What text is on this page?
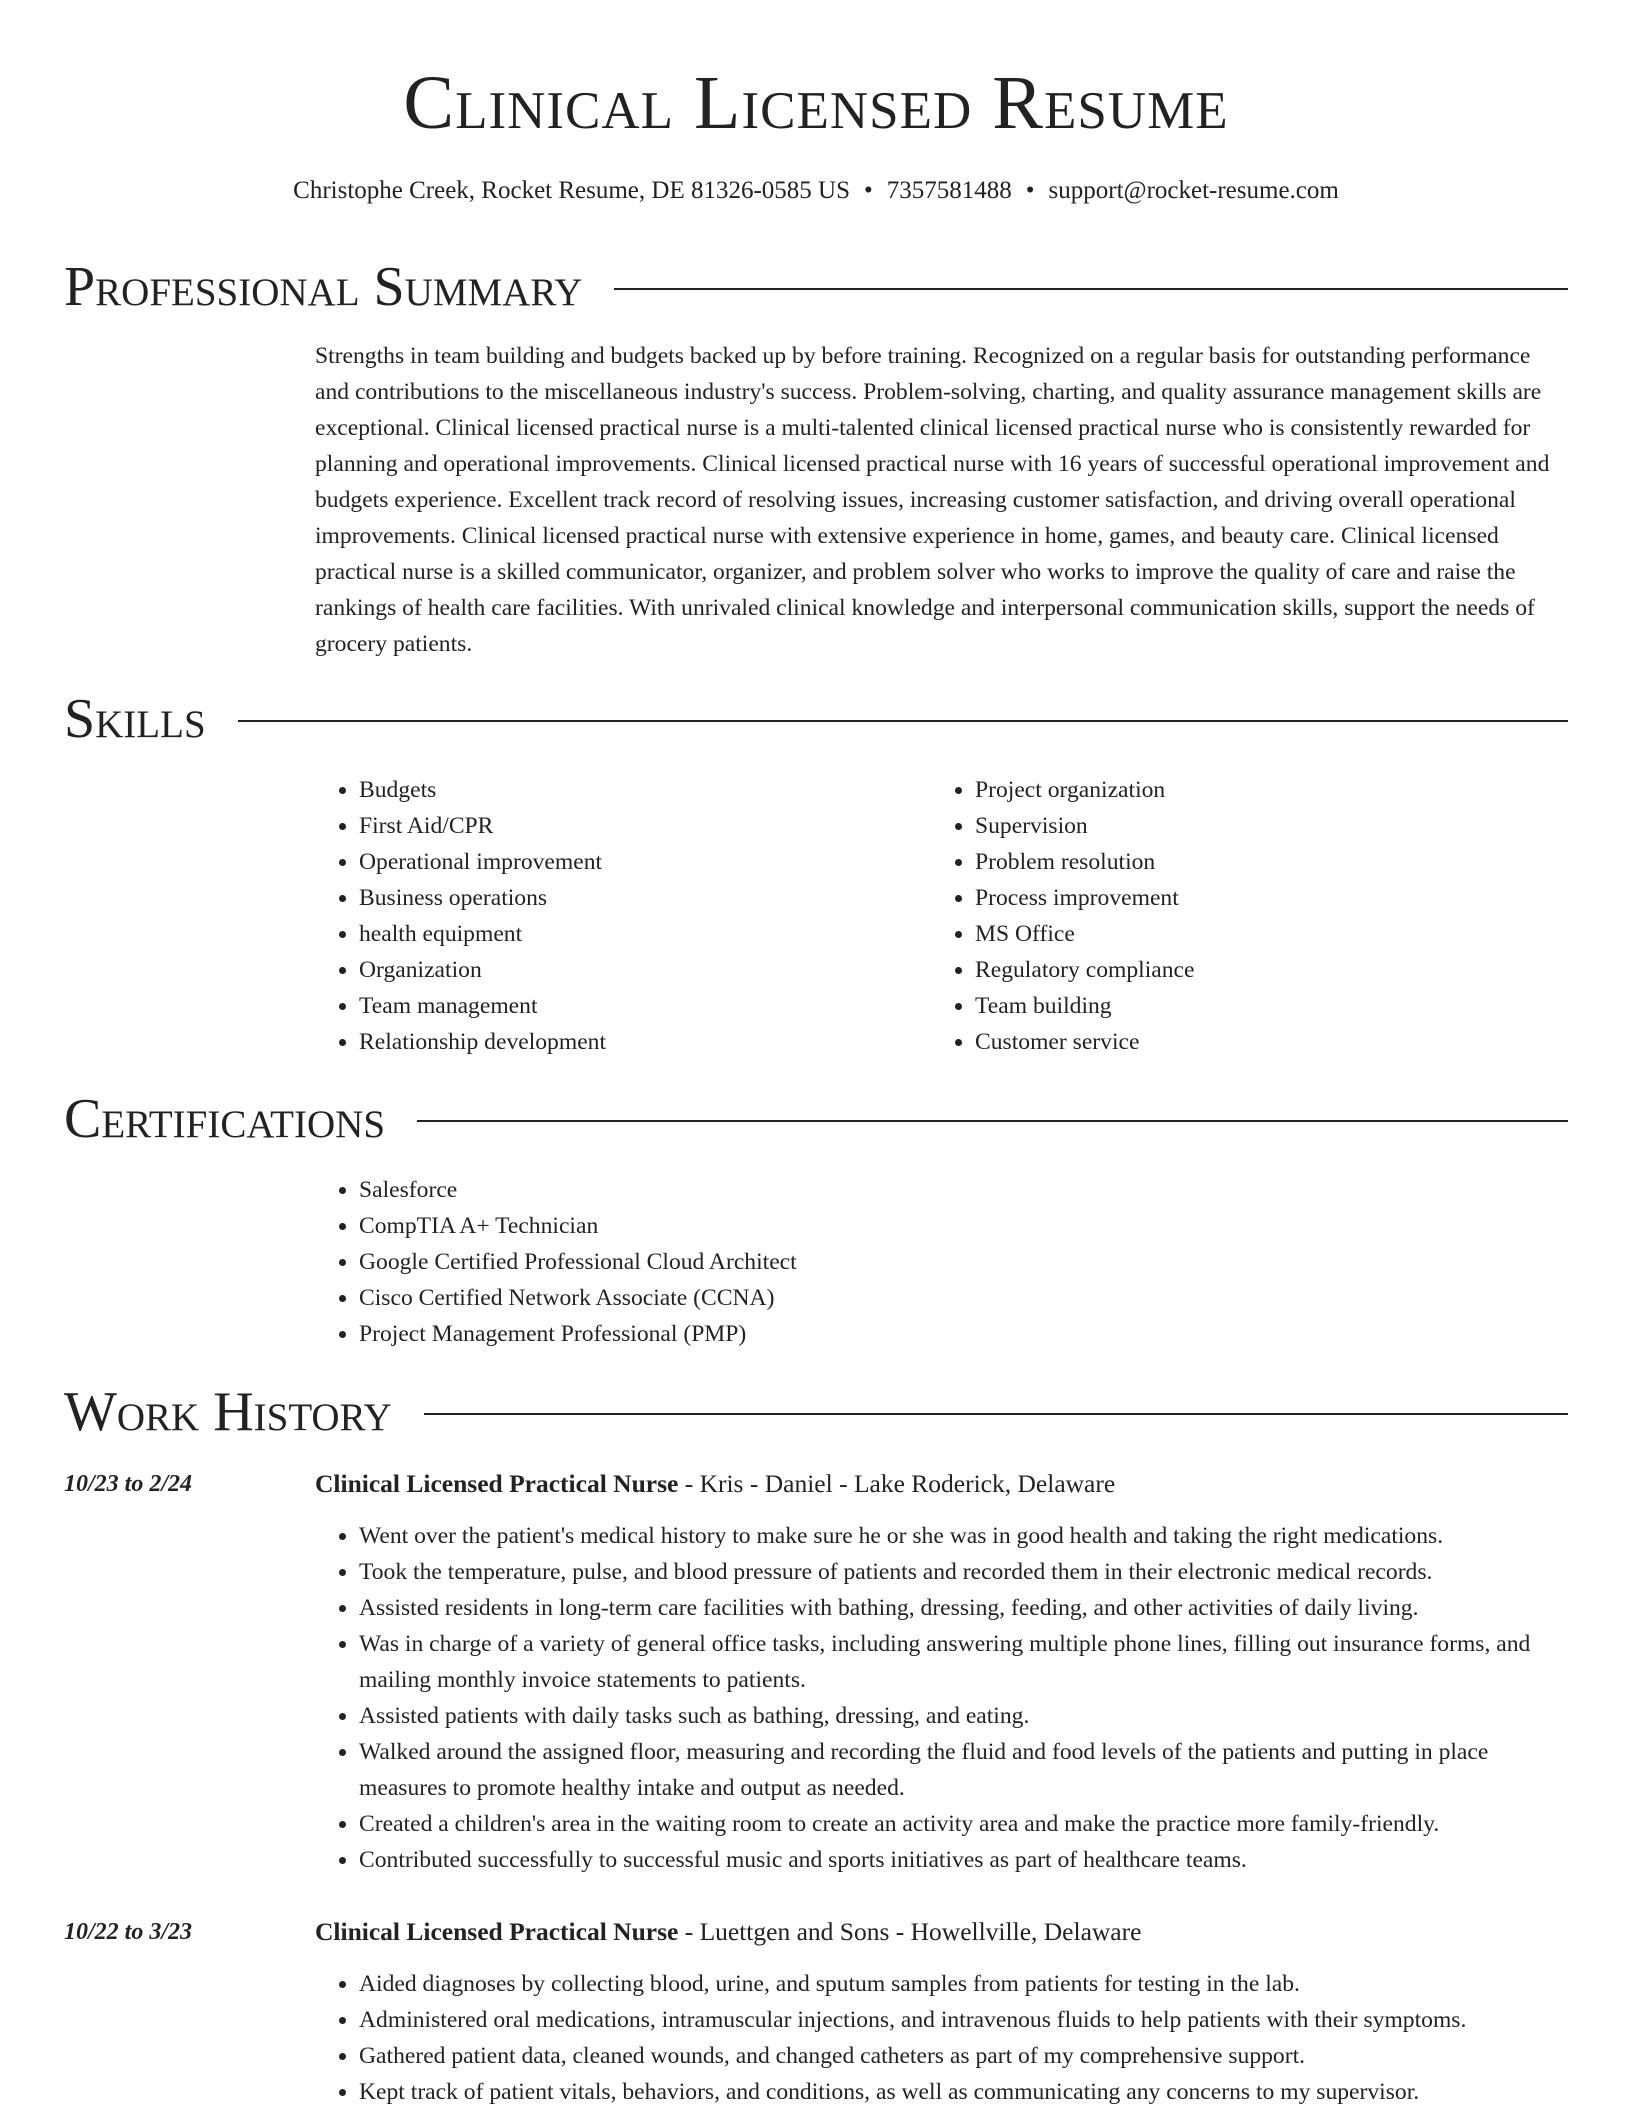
Clinical Licensed Resume
Christophe Creek, Rocket Resume, DE 81326-0585 US • 7357581488 • support@rocket-resume.com
Professional Summary

Strengths in team building and budgets backed up by before training. Recognized on a regular basis for outstanding performance and contributions to the miscellaneous industry's success. Problem-solving, charting, and quality assurance management skills are exceptional. Clinical licensed practical nurse is a multi-talented clinical licensed practical nurse who is consistently rewarded for planning and operational improvements. Clinical licensed practical nurse with 16 years of successful operational improvement and budgets experience. Excellent track record of resolving issues, increasing customer satisfaction, and driving overall operational improvements. Clinical licensed practical nurse with extensive experience in home, games, and beauty care. Clinical licensed practical nurse is a skilled communicator, organizer, and problem solver who works to improve the quality of care and raise the rankings of health care facilities. With unrivaled clinical knowledge and interpersonal communication skills, support the needs of grocery patients.

Skills
• Budgets
• First Aid/CPR
• Operational improvement
• Business operations
• health equipment
• Organization
• Team management
• Relationship development
• Project organization
• Supervision
• Problem resolution
• Process improvement
• MS Office
• Regulatory compliance
• Team building
• Customer service
Certifications
• Salesforce
• CompTIA A+ Technician
• Google Certified Professional Cloud Architect
• Cisco Certified Network Associate (CCNA)
• Project Management Professional (PMP)
Work History
10/23 to 2/24	Clinical Licensed Practical Nurse - Kris - Daniel - Lake Roderick, Delaware
• Went over the patient's medical history to make sure he or she was in good health and taking the right medications.
• Took the temperature, pulse, and blood pressure of patients and recorded them in their electronic medical records.
• Assisted residents in long-term care facilities with bathing, dressing, feeding, and other activities of daily living.
• Was in charge of a variety of general office tasks, including answering multiple phone lines, filling out insurance forms, and mailing monthly invoice statements to patients.
• Assisted patients with daily tasks such as bathing, dressing, and eating.
• Walked around the assigned floor, measuring and recording the fluid and food levels of the patients and putting in place measures to promote healthy intake and output as needed.
• Created a children's area in the waiting room to create an activity area and make the practice more family-friendly.
• Contributed successfully to successful music and sports initiatives as part of healthcare teams.
10/22 to 3/23	Clinical Licensed Practical Nurse - Luettgen and Sons - Howellville, Delaware
• Aided diagnoses by collecting blood, urine, and sputum samples from patients for testing in the lab.
• Administered oral medications, intramuscular injections, and intravenous fluids to help patients with their symptoms.
• Gathered patient data, cleaned wounds, and changed catheters as part of my comprehensive support.
• Kept track of patient vitals, behaviors, and conditions, as well as communicating any concerns to my supervisor.
